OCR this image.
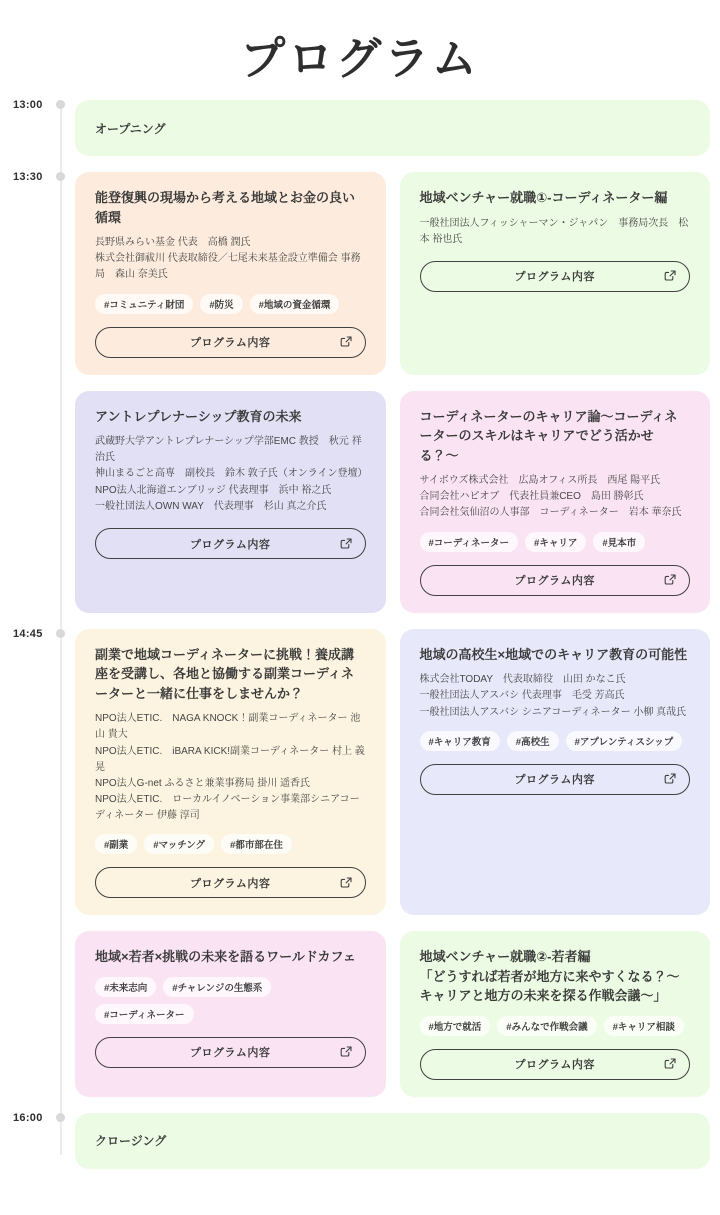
プログラム
13:00
オープニング
13:30
能登復興の現場から考える地域とお金の良い循環
長野県みらい基金 代表　高橋 潤氏
株式会社御祓川 代表取締役／七尾未来基金設立準備会 事務局　森山 奈美氏
#コミュニティ財団	#防災	#地域の資金循環
プログラム内容
地域ベンチャー就職①-コーディネーター編
一般社団法人フィッシャーマン・ジャパン　事務局次長　松本 裕也氏
プログラム内容
アントレプレナーシップ教育の未来
武蔵野大学アントレプレナーシップ学部EMC 教授　秋元 祥治氏
神山まるごと高専　副校長　鈴木 敦子氏（オンライン登壇）
NPO法人北海道エンブリッジ 代表理事　浜中 裕之氏
一般社団法人OWN WAY　代表理事　杉山 真之介氏
プログラム内容
コーディネーターのキャリア論〜コーディネーターのスキルはキャリアでどう活かせる？〜
サイボウズ株式会社　広島オフィス所長　西尾 陽平氏
合同会社ハピオブ　代表社員兼CEO　島田 勝彰氏
合同会社気仙沼の人事部　コーディネーター　岩本 華奈氏
#コーディネーター	#キャリア	#見本市
プログラム内容
14:45
副業で地域コーディネーターに挑戦！養成講座を受講し、各地と協働する副業コーディネーターと一緒に仕事をしませんか？
NPO法人ETIC.　NAGA KNOCK！副業コーディネーター 池山 貴大
NPO法人ETIC.　iBARA KICK!副業コーディネーター 村上 義晃
NPO法人G-net ふるさと兼業事務局 掛川 遥香氏
NPO法人ETIC.　ローカルイノベーション事業部シニアコーディネーター 伊藤 淳司
#副業	#マッチング	#都市部在住
プログラム内容
地域の高校生×地域でのキャリア教育の可能性
株式会社TODAY　代表取締役　山田 かなこ氏
一般社団法人アスバシ 代表理事　毛受 芳高氏
一般社団法人アスバシ シニアコーディネーター 小柳 真哉氏
#キャリア教育	#高校生	#アプレンティスシップ
プログラム内容
地域×若者×挑戦の未来を語るワールドカフェ
#未来志向	#チャレンジの生態系
#コーディネーター
プログラム内容
地域ベンチャー就職②-若者編
「どうすれば若者が地方に来やすくなる？〜キャリアと地方の未来を探る作戦会議〜」
#地方で就活	#みんなで作戦会議	#キャリア相談
プログラム内容
16:00
クロージング
